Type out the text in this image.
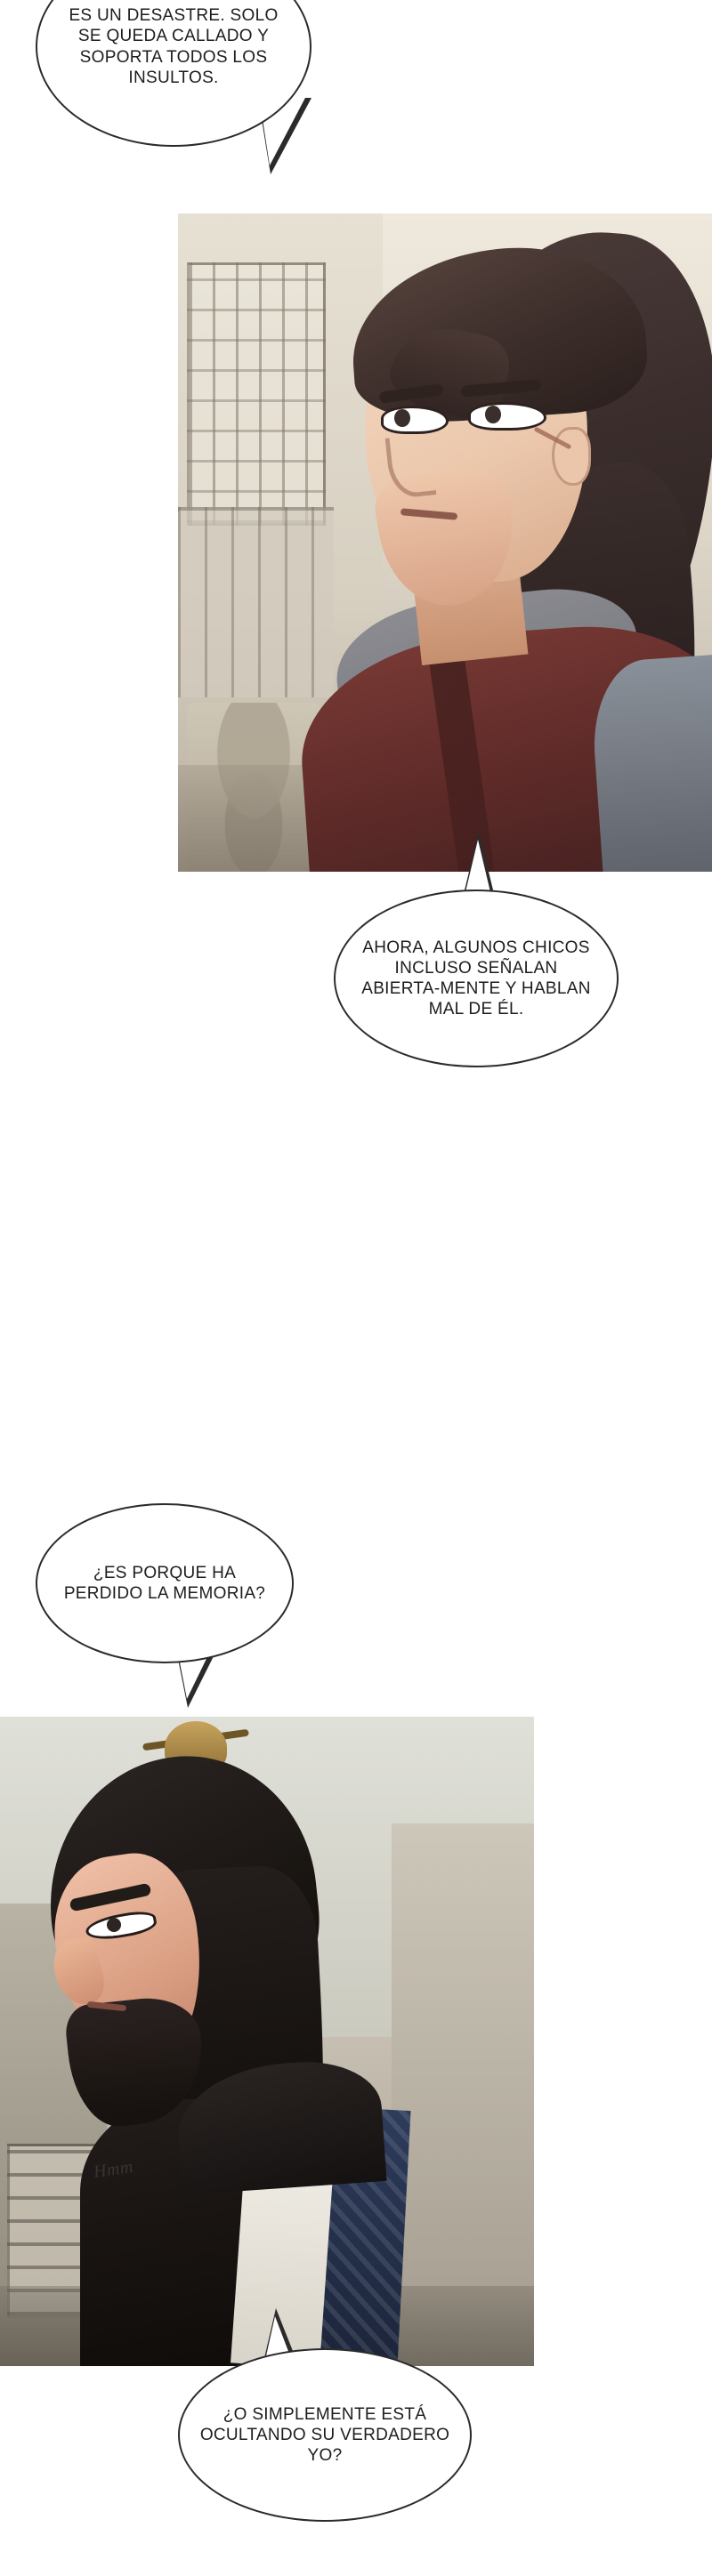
Hmm

ES UN DESASTRE. SOLO SE QUEDA CALLADO Y SOPORTA TODOS LOS INSULTOS.

AHORA, ALGUNOS CHICOS INCLUSO SEÑALAN ABIERTA-MENTE Y HABLAN MAL DE ÉL.

¿ES PORQUE HA PERDIDO LA MEMORIA?

¿O SIMPLEMENTE ESTÁ OCULTANDO SU VERDADERO YO?
